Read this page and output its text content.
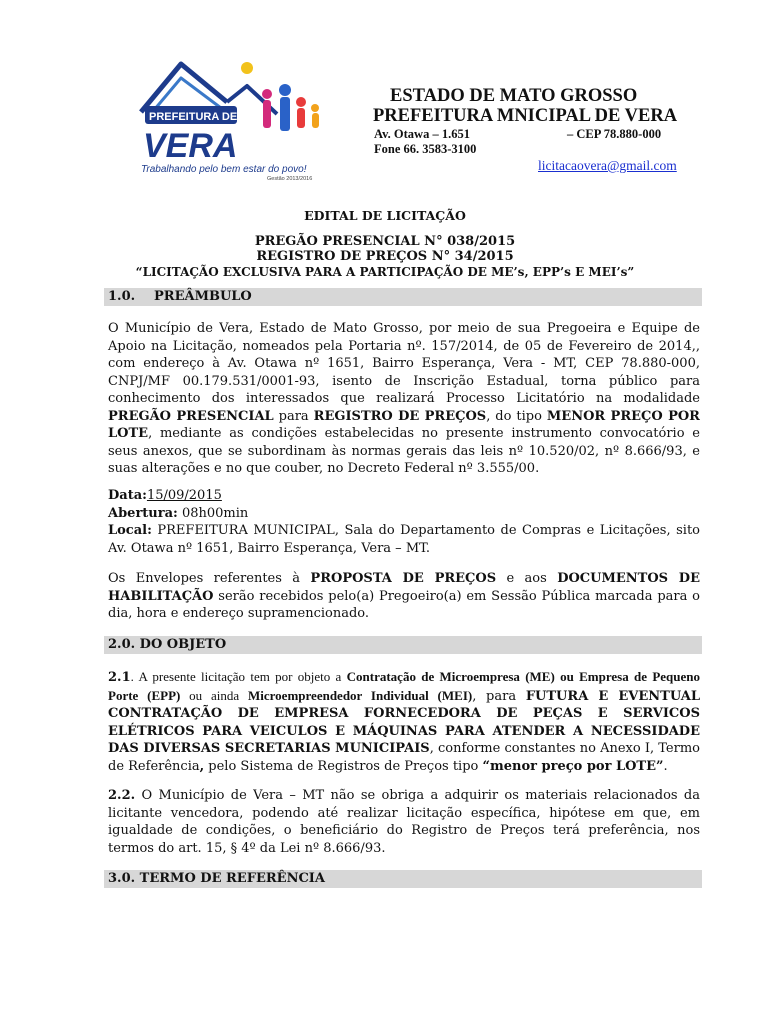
PREFEITURA DE
VERA
Trabalhando pelo bem estar do povo!
Gestão 2013/2016
ESTADO DE MATO GROSSO
PREFEITURA MNICIPAL DE VERA
Av. Otawa – 1.651	– CEP 78.880-000
Fone 66. 3583-3100
licitacaovera@gmail.com
EDITAL DE LICITAÇÃO
PREGÃO PRESENCIAL N° 038/2015
REGISTRO DE PREÇOS N° 34/2015
“LICITAÇÃO EXCLUSIVA PARA A PARTICIPAÇÃO DE ME’s, EPP’s E MEI’s”
1.0. PREÂMBULO
O Município de Vera, Estado de Mato Grosso, por meio de sua Pregoeira e Equipe de Apoio na Licitação, nomeados pela Portaria nº. 157/2014, de 05 de Fevereiro de 2014,, com endereço à Av. Otawa nº 1651, Bairro Esperança, Vera - MT, CEP 78.880-000, CNPJ/MF 00.179.531/0001-93, isento de Inscrição Estadual, torna público para conhecimento dos interessados que realizará Processo Licitatório na modalidade PREGÃO PRESENCIAL para REGISTRO DE PREÇOS, do tipo MENOR PREÇO POR LOTE, mediante as condições estabelecidas no presente instrumento convocatório e seus anexos, que se subordinam às normas gerais das leis nº 10.520/02, nº 8.666/93, e suas alterações e no que couber, no Decreto Federal nº 3.555/00.
Data:15/09/2015
Abertura: 08h00min
Local: PREFEITURA MUNICIPAL, Sala do Departamento de Compras e Licitações, sito Av. Otawa nº 1651, Bairro Esperança, Vera – MT.
Os Envelopes referentes à PROPOSTA DE PREÇOS e aos DOCUMENTOS DE HABILITAÇÃO serão recebidos pelo(a) Pregoeiro(a) em Sessão Pública marcada para o dia, hora e endereço supramencionado.
2.0. DO OBJETO
2.1. A presente licitação tem por objeto a Contratação de Microempresa (ME) ou Empresa de Pequeno Porte (EPP) ou ainda Microempreendedor Individual (MEI), para FUTURA E EVENTUAL CONTRATAÇÃO DE EMPRESA FORNECEDORA DE PEÇAS E SERVICOS ELÉTRICOS PARA VEICULOS E MÁQUINAS PARA ATENDER A NECESSIDADE DAS DIVERSAS SECRETARIAS MUNICIPAIS, conforme constantes no Anexo I, Termo de Referência, pelo Sistema de Registros de Preços tipo “menor preço por LOTE”.
2.2. O Município de Vera – MT não se obriga a adquirir os materiais relacionados da licitante vencedora, podendo até realizar licitação específica, hipótese em que, em igualdade de condições, o beneficiário do Registro de Preços terá preferência, nos termos do art. 15, § 4º da Lei nº 8.666/93.
3.0. TERMO DE REFERÊNCIA
